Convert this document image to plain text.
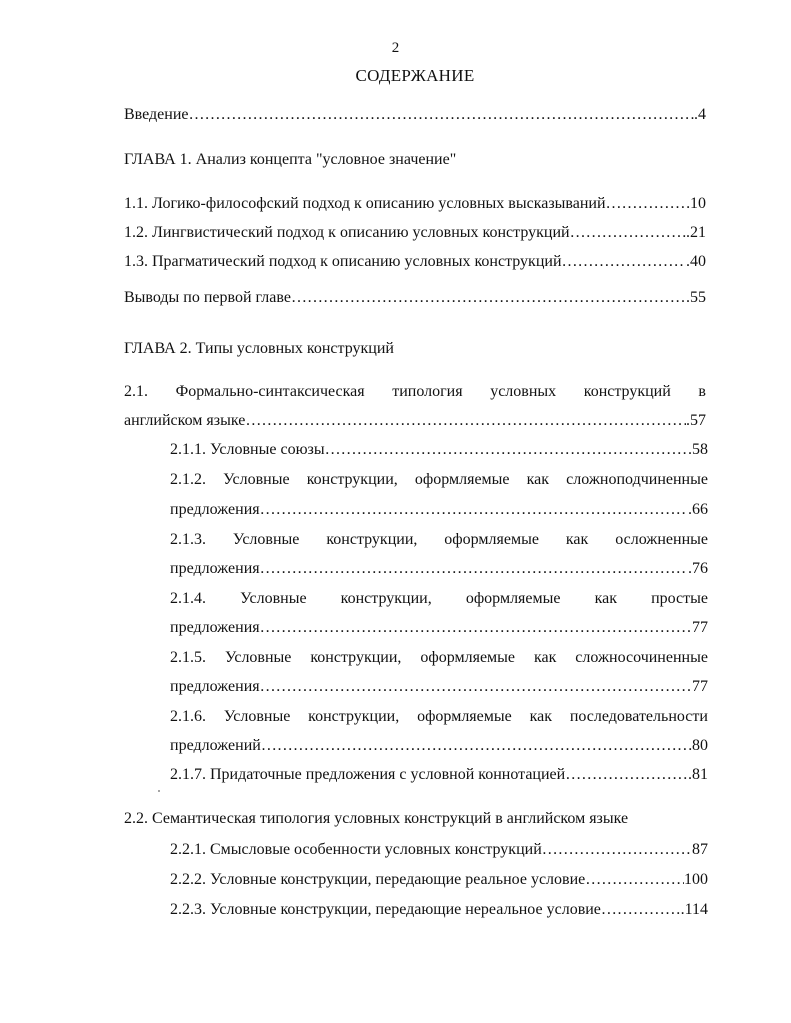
2
СОДЕРЖАНИЕ
Введение …………………………………………………………………………………………………………………………………………………………………	.4
ГЛАВА 1. Анализ концепта "условное значение"
1.1. Логико-философский подход к описанию условных высказываний …………………………………………………………………………………………………………………………………………………………………	10
1.2. Лингвистический подход к описанию условных конструкций …………………………………………………………………………………………………………………………………………………………………	.21
1.3. Прагматический подход к описанию условных конструкций …………………………………………………………………………………………………………………………………………………………………	.40
Выводы по первой главе …………………………………………………………………………………………………………………………………………………………………	.55
ГЛАВА 2. Типы условных конструкций
2.1. Формально-синтаксическая типология условных конструкций в
английском языке …………………………………………………………………………………………………………………………………………………………………	.57
2.1.1. Условные союзы …………………………………………………………………………………………………………………………………………………………………	.58
2.1.2. Условные конструкции, оформляемые как сложноподчиненные
предложения …………………………………………………………………………………………………………………………………………………………………	.66
2.1.3. Условные конструкции, оформляемые как осложненные
предложения …………………………………………………………………………………………………………………………………………………………………	.76
2.1.4. Условные конструкции, оформляемые как простые
предложения …………………………………………………………………………………………………………………………………………………………………	77
2.1.5. Условные конструкции, оформляемые как сложносочиненные
предложения …………………………………………………………………………………………………………………………………………………………………	77
2.1.6. Условные конструкции, оформляемые как последовательности
предложений …………………………………………………………………………………………………………………………………………………………………	80
2.1.7. Придаточные предложения с условной коннотацией …………………………………………………………………………………………………………………………………………………………………	.81
2.2. Семантическая типология условных конструкций в английском языке
2.2.1. Смысловые особенности условных конструкций …………………………………………………………………………………………………………………………………………………………………	87
2.2.2. Условные конструкции, передающие реальное условие …………………………………………………………………………………………………………………………………………………………………	100
2.2.3. Условные конструкции, передающие нереальное условие …………………………………………………………………………………………………………………………………………………………………	.114
